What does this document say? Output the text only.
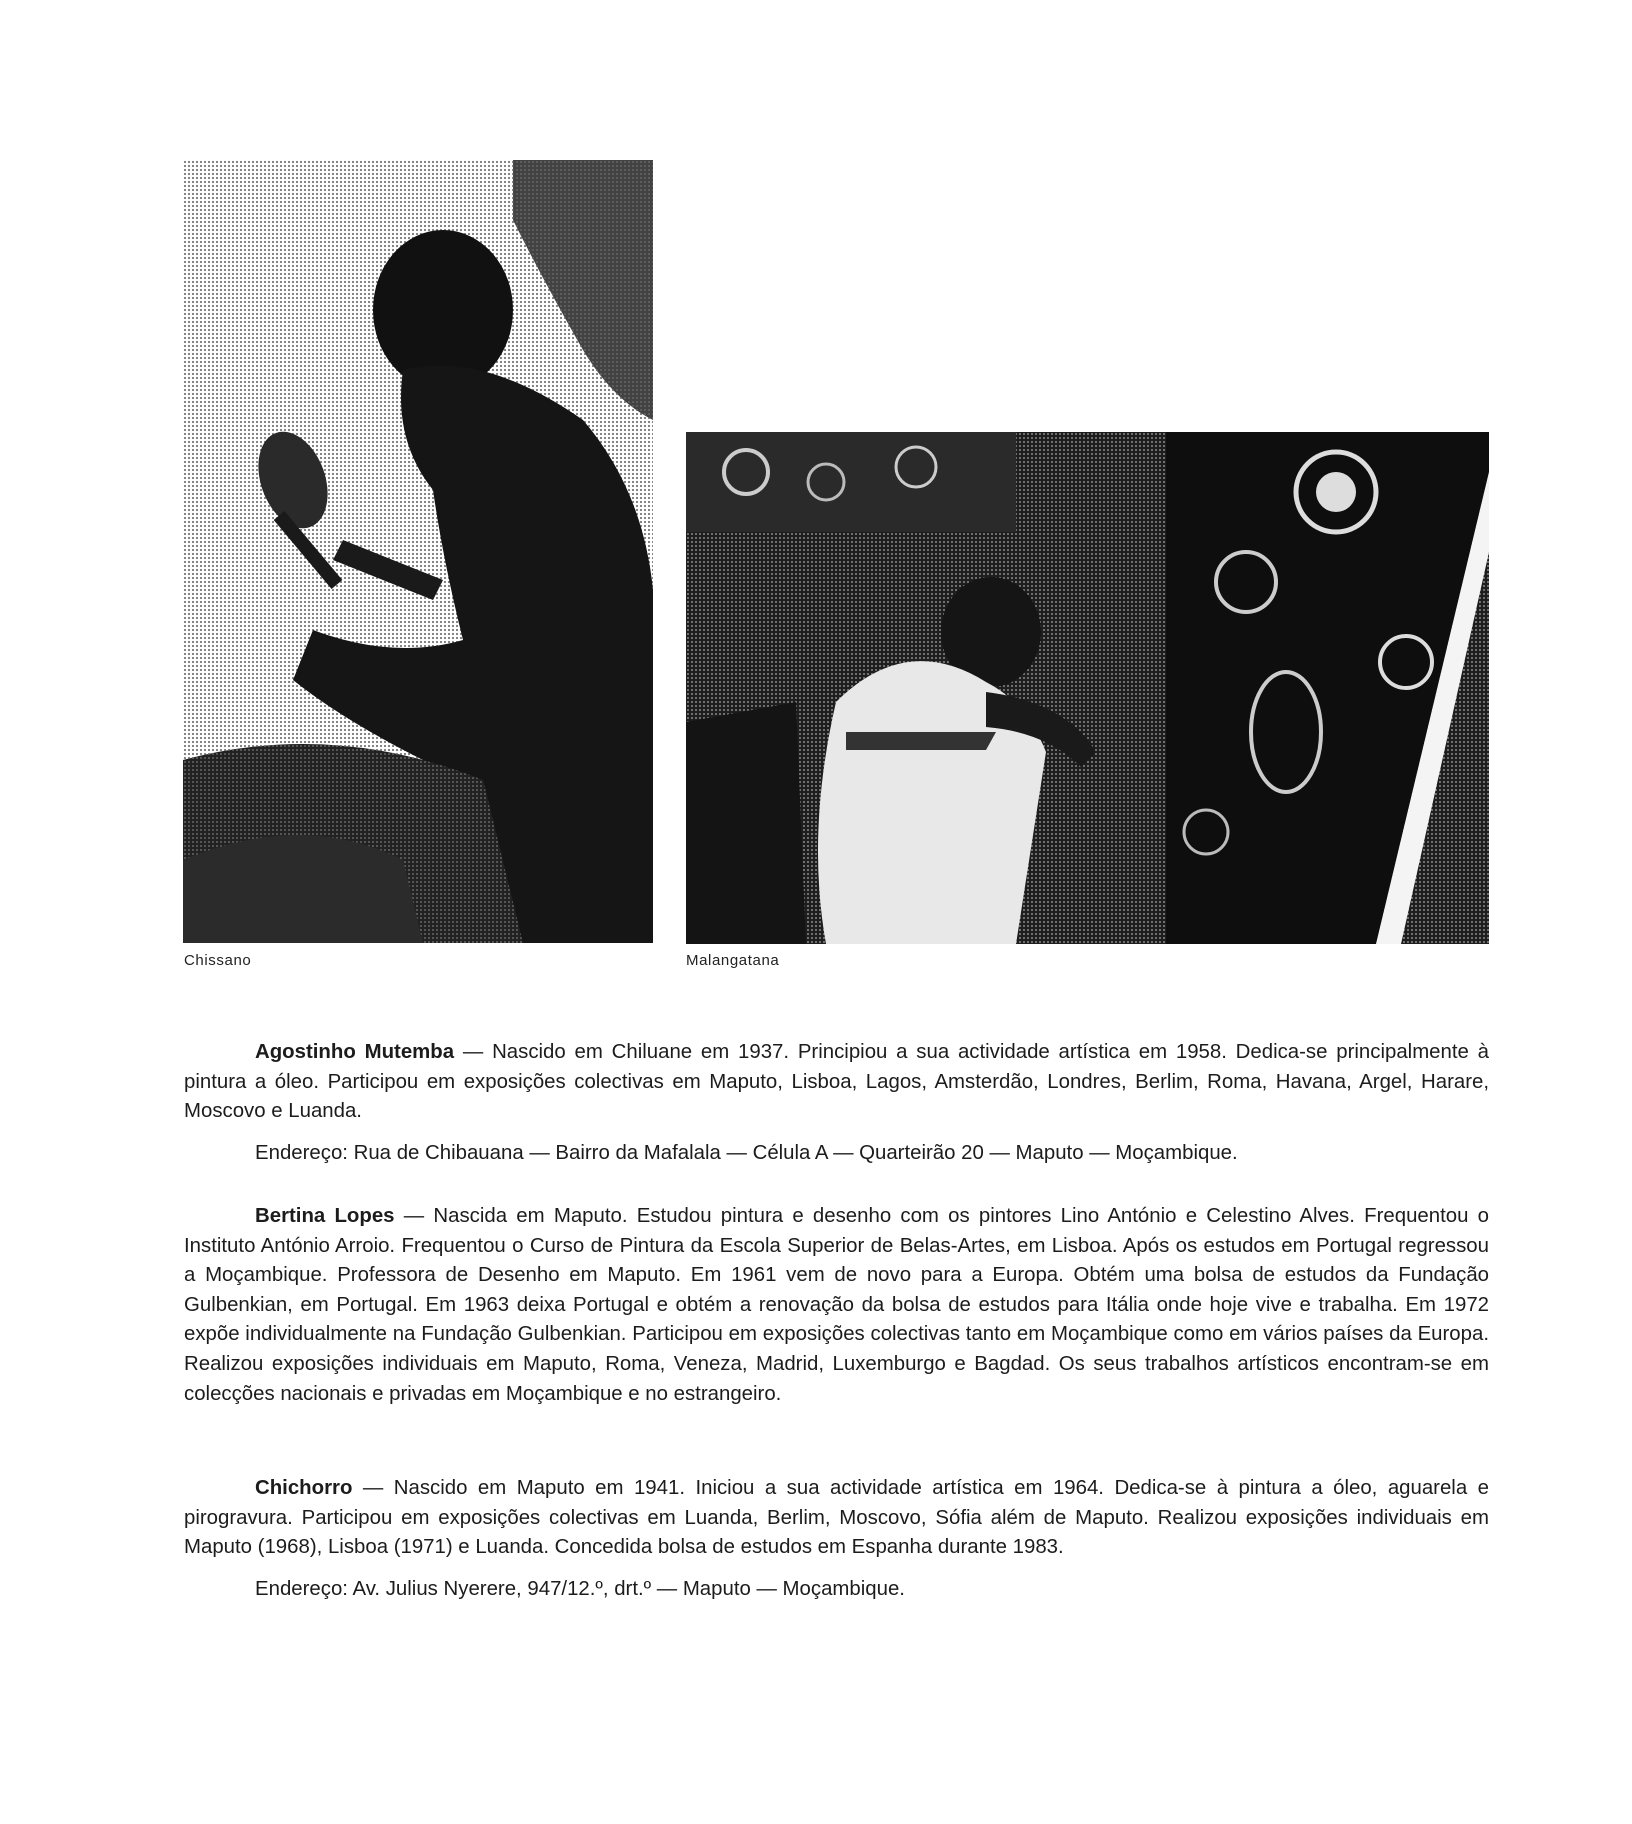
Chissano	Malangatana

Agostinho Mutemba — Nascido em Chiluane em 1937. Principiou a sua actividade artística em 1958. Dedica-se principalmente à pintura a óleo. Participou em exposições colectivas em Maputo, Lisboa, Lagos, Amsterdão, Londres, Berlim, Roma, Havana, Argel, Harare, Moscovo e Luanda.

Endereço: Rua de Chibauana — Bairro da Mafalala — Célula A — Quarteirão 20 — Maputo — Moçambique.

Bertina Lopes — Nascida em Maputo. Estudou pintura e desenho com os pintores Lino António e Celestino Alves. Frequentou o Instituto António Arroio. Frequentou o Curso de Pintura da Escola Superior de Belas-Artes, em Lisboa. Após os estudos em Portugal regressou a Moçambique. Professora de Desenho em Maputo. Em 1961 vem de novo para a Europa. Obtém uma bolsa de estudos da Fundação Gulbenkian, em Portugal. Em 1963 deixa Portugal e obtém a renovação da bolsa de estudos para Itália onde hoje vive e trabalha. Em 1972 expõe individualmente na Fundação Gulbenkian. Participou em exposições colectivas tanto em Moçambique como em vários países da Europa. Realizou exposições individuais em Maputo, Roma, Veneza, Madrid, Luxemburgo e Bagdad. Os seus trabalhos artísticos encontram-se em colecções nacionais e privadas em Moçambique e no estrangeiro.

Chichorro — Nascido em Maputo em 1941. Iniciou a sua actividade artística em 1964. Dedica-se à pintura a óleo, aguarela e pirogravura. Participou em exposições colectivas em Luanda, Berlim, Moscovo, Sófia além de Maputo. Realizou exposições individuais em Maputo (1968), Lisboa (1971) e Luanda. Concedida bolsa de estudos em Espanha durante 1983.

Endereço: Av. Julius Nyerere, 947/12.º, drt.º — Maputo — Moçambique.
